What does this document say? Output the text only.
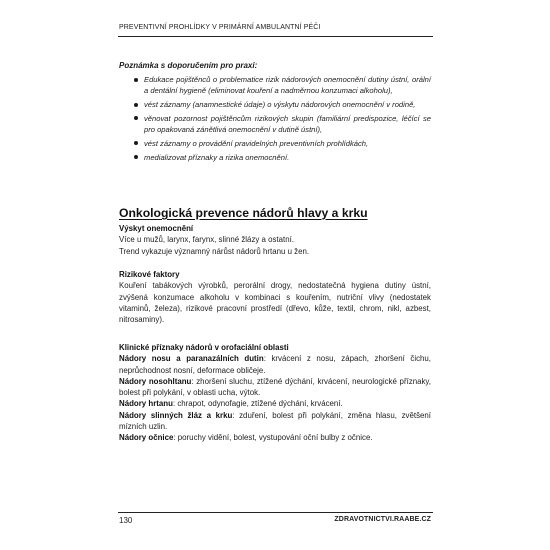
PREVENTIVNÍ PROHLÍDKY V PRIMÁRNÍ AMBULANTNÍ PÉČI
Poznámka s doporučením pro praxi:
Edukace pojištěnců o problematice rizik nádorových onemocnění dutiny ústní, orální a dentální hygieně (eliminovat kouření a nadměrnou konzumaci alkoholu),
vést záznamy (anamnestické údaje) o výskytu nádorových onemocnění v rodině,
věnovat pozornost pojištěncům rizikových skupin (familiární predispozice, léčící se pro opakovaná zánětlivá onemocnění v dutině ústní),
vést záznamy o provádění pravidelných preventivních prohlídkách,
medializovat příznaky a rizika onemocnění.
Onkologická prevence nádorů hlavy a krku
Výskyt onemocnění

Více u mužů, larynx, farynx, slinné žlázy a ostatní.

Trend vykazuje významný nárůst nádorů hrtanu u žen.

Rizikové faktory

Kouření tabákových výrobků, perorální drogy, nedostatečná hygiena dutiny ústní, zvýšená konzumace alkoholu v kombinaci s kouřením, nutriční vlivy (nedostatek vitaminů, železa), rizikové pracovní prostředí (dřevo, kůže, textil, chrom, nikl, azbest, nitrosaminy).

Klinické příznaky nádorů v orofaciální oblasti

Nádory nosu a paranazálních dutin: krvácení z nosu, zápach, zhoršení čichu, neprůchodnost nosní, deformace obličeje.

Nádory nosohltanu: zhoršení sluchu, ztížené dýchání, krvácení, neurologické příznaky, bolest při polykání, v oblasti ucha, výtok.

Nádory hrtanu: chrapot, odynofagie, ztížené dýchání, krvácení.

Nádory slinných žláz a krku: zduření, bolest při polykání, změna hlasu, zvětšení mízních uzlin.

Nádory očnice: poruchy vidění, bolest, vystupování oční bulby z očnice.

130	ZDRAVOTNICTVI.RAABE.CZ
